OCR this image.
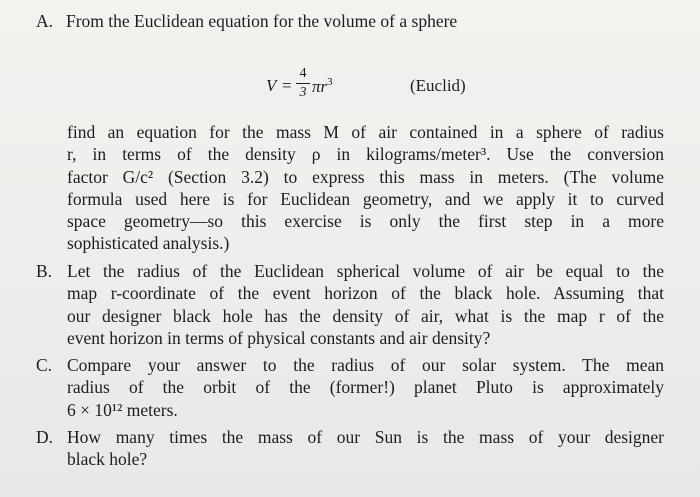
A. From the Euclidean equation for the volume of a sphere
V =
4
3 $\pi r^3$	(Euclid)
find an equation for the mass M of air contained in a sphere of radius
r, in terms of the density ρ in kilograms/meter³. Use the conversion
factor G/c² (Section 3.2) to express this mass in meters. (The volume
formula used here is for Euclidean geometry, and we apply it to curved
space geometry—so this exercise is only the first step in a more
sophisticated analysis.)
B. Let the radius of the Euclidean spherical volume of air be equal to the
map r-coordinate of the event horizon of the black hole. Assuming that
our designer black hole has the density of air, what is the map r of the
event horizon in terms of physical constants and air density?
C. Compare your answer to the radius of our solar system. The mean
radius of the orbit of the (former!) planet Pluto is approximately
6 × 10¹² meters.
D. How many times the mass of our Sun is the mass of your designer
black hole?
